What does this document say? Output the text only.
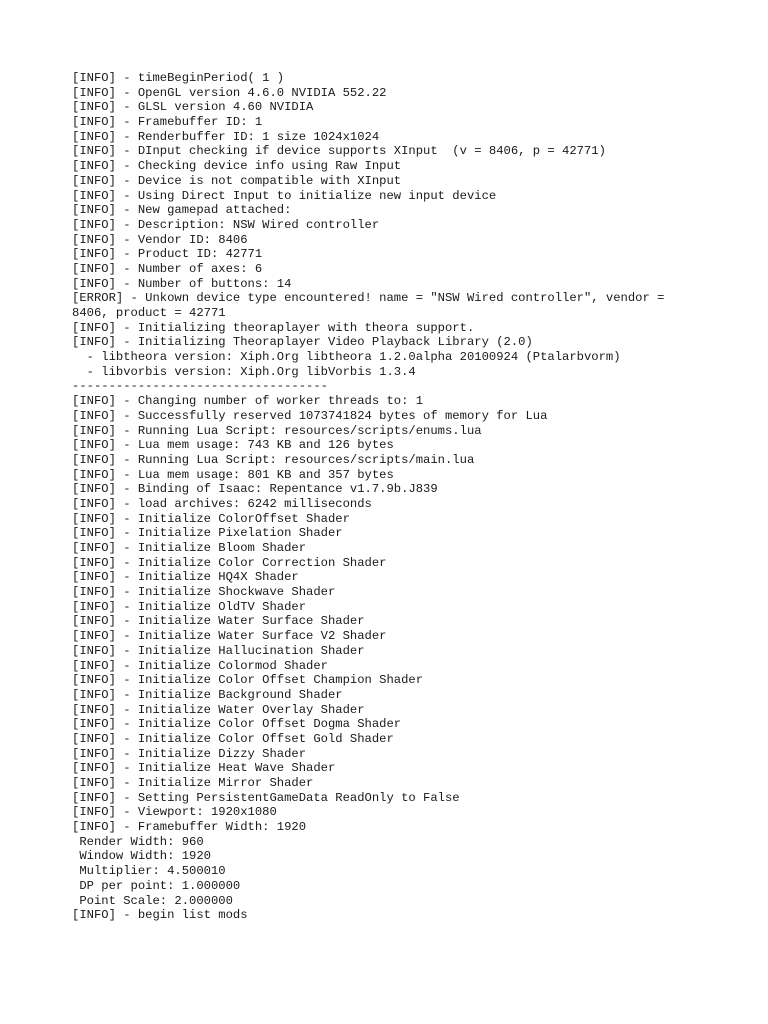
[INFO] - timeBeginPeriod( 1 )
[INFO] - OpenGL version 4.6.0 NVIDIA 552.22
[INFO] - GLSL version 4.60 NVIDIA
[INFO] - Framebuffer ID: 1
[INFO] - Renderbuffer ID: 1 size 1024x1024
[INFO] - DInput checking if device supports XInput  (v = 8406, p = 42771)
[INFO] - Checking device info using Raw Input
[INFO] - Device is not compatible with XInput
[INFO] - Using Direct Input to initialize new input device
[INFO] - New gamepad attached:
[INFO] - Description: NSW Wired controller
[INFO] - Vendor ID: 8406
[INFO] - Product ID: 42771
[INFO] - Number of axes: 6
[INFO] - Number of buttons: 14
[ERROR] - Unkown device type encountered! name = "NSW Wired controller", vendor =
8406, product = 42771
[INFO] - Initializing theoraplayer with theora support.
[INFO] - Initializing Theoraplayer Video Playback Library (2.0)
- libtheora version: Xiph.Org libtheora 1.2.0alpha 20100924 (Ptalarbvorm)
- libvorbis version: Xiph.Org libVorbis 1.3.4
-----------------------------------
[INFO] - Changing number of worker threads to: 1
[INFO] - Successfully reserved 1073741824 bytes of memory for Lua
[INFO] - Running Lua Script: resources/scripts/enums.lua
[INFO] - Lua mem usage: 743 KB and 126 bytes
[INFO] - Running Lua Script: resources/scripts/main.lua
[INFO] - Lua mem usage: 801 KB and 357 bytes
[INFO] - Binding of Isaac: Repentance v1.7.9b.J839
[INFO] - load archives: 6242 milliseconds
[INFO] - Initialize ColorOffset Shader
[INFO] - Initialize Pixelation Shader
[INFO] - Initialize Bloom Shader
[INFO] - Initialize Color Correction Shader
[INFO] - Initialize HQ4X Shader
[INFO] - Initialize Shockwave Shader
[INFO] - Initialize OldTV Shader
[INFO] - Initialize Water Surface Shader
[INFO] - Initialize Water Surface V2 Shader
[INFO] - Initialize Hallucination Shader
[INFO] - Initialize Colormod Shader
[INFO] - Initialize Color Offset Champion Shader
[INFO] - Initialize Background Shader
[INFO] - Initialize Water Overlay Shader
[INFO] - Initialize Color Offset Dogma Shader
[INFO] - Initialize Color Offset Gold Shader
[INFO] - Initialize Dizzy Shader
[INFO] - Initialize Heat Wave Shader
[INFO] - Initialize Mirror Shader
[INFO] - Setting PersistentGameData ReadOnly to False
[INFO] - Viewport: 1920x1080
[INFO] - Framebuffer Width: 1920
Render Width: 960
Window Width: 1920
Multiplier: 4.500010
DP per point: 1.000000
Point Scale: 2.000000
[INFO] - begin list mods
